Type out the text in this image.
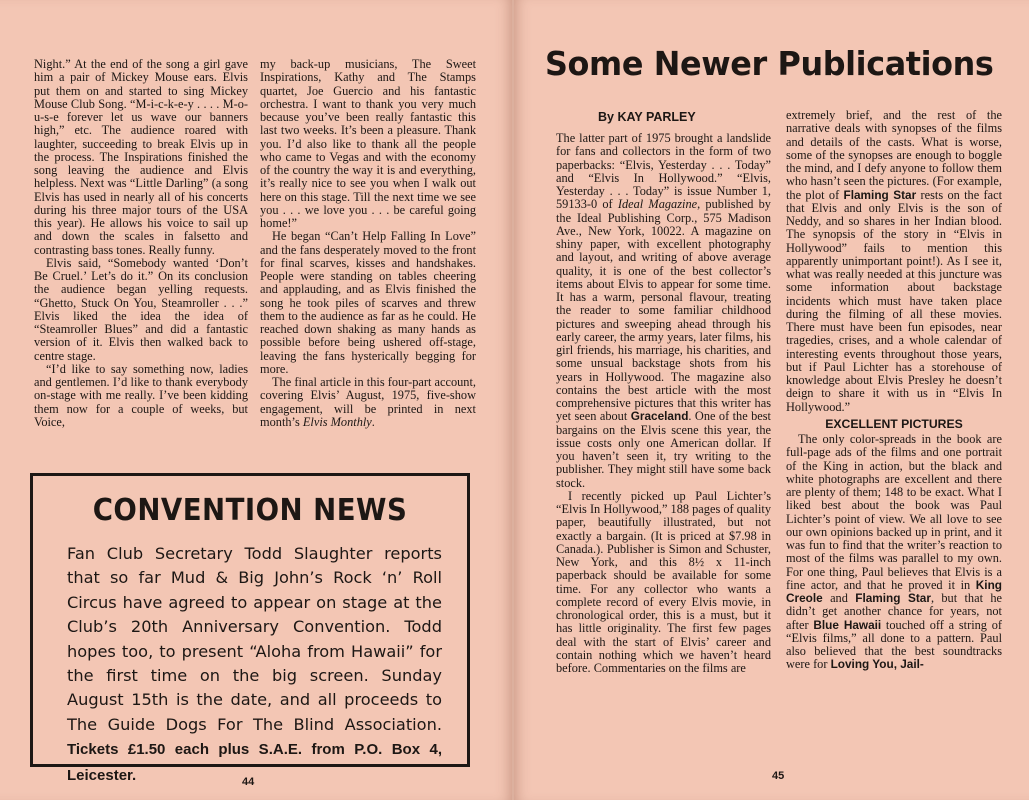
Night.” At the end of the song a girl gave him a pair of Mickey Mouse ears. Elvis put them on and started to sing Mickey Mouse Club Song. “M-i-c-k-e-y . . . . M-o-u-s-e forever let us wave our banners high,” etc. The audience roared with laughter, succeeding to break Elvis up in the process. The Inspirations finished the song leaving the audience and Elvis helpless. Next was “Little Darling” (a song Elvis has used in nearly all of his concerts during his three major tours of the USA this year). He allows his voice to sail up and down the scales in falsetto and contrasting bass tones. Really funny.

Elvis said, “Somebody wanted ‘Don’t Be Cruel.’ Let’s do it.” On its conclusion the audience began yelling requests. “Ghetto, Stuck On You, Steamroller . . .” Elvis liked the idea the idea of “Steamroller Blues” and did a fantastic version of it. Elvis then walked back to centre stage.

“I’d like to say something now, ladies and gentlemen. I’d like to thank everybody on-stage with me really. I’ve been kidding them now for a couple of weeks, but Voice,

my back-up musicians, The Sweet Inspirations, Kathy and The Stamps quartet, Joe Guercio and his fantastic orchestra. I want to thank you very much because you’ve been really fantastic this last two weeks. It’s been a pleasure. Thank you. I’d also like to thank all the people who came to Vegas and with the economy of the country the way it is and everything, it’s really nice to see you when I walk out here on this stage. Till the next time we see you . . . we love you . . . be careful going home!”

He began “Can’t Help Falling In Love” and the fans desperately moved to the front for final scarves, kisses and handshakes. People were standing on tables cheering and applauding, and as Elvis finished the song he took piles of scarves and threw them to the audience as far as he could. He reached down shaking as many hands as possible before being ushered off-stage, leaving the fans hysterically begging for more.

The final article in this four-part account, covering Elvis’ August, 1975, five-show engagement, will be printed in next month’s Elvis Monthly.

CONVENTION NEWS
Fan Club Secretary Todd Slaughter reports that so far Mud & Big John’s Rock ‘n’ Roll Circus have agreed to appear on stage at the Club’s 20th Anniversary Convention. Todd hopes too, to present “Aloha from Hawaii” for the first time on the big screen. Sunday August 15th is the date, and all proceeds to The Guide Dogs For The Blind Association. Tickets £1.50 each plus S.A.E. from P.O. Box 4, Leicester.	44
Some Newer Publications
By KAY PARLEY

The latter part of 1975 brought a landslide for fans and collectors in the form of two paperbacks: “Elvis, Yesterday . . . Today” and “Elvis In Hollywood.” “Elvis, Yesterday . . . Today” is issue Number 1, 59133-0 of Ideal Magazine, published by the Ideal Publishing Corp., 575 Madison Ave., New York, 10022. A magazine on shiny paper, with excellent photography and layout, and writing of above average quality, it is one of the best collector’s items about Elvis to appear for some time. It has a warm, personal flavour, treating the reader to some familiar childhood pictures and sweeping ahead through his early career, the army years, later films, his girl friends, his marriage, his charities, and some unsual backstage shots from his years in Hollywood. The magazine also contains the best article with the most comprehensive pictures that this writer has yet seen about Graceland. One of the best bargains on the Elvis scene this year, the issue costs only one American dollar. If you haven’t seen it, try writing to the publisher. They might still have some back stock.

I recently picked up Paul Lichter’s “Elvis In Hollywood,” 188 pages of quality paper, beautifully illustrated, but not exactly a bargain. (It is priced at $7.98 in Canada.). Publisher is Simon and Schuster, New York, and this 8½ x 11-inch paperback should be available for some time. For any collector who wants a complete record of every Elvis movie, in chronological order, this is a must, but it has little originality. The first few pages deal with the start of Elvis’ career and contain nothing which we haven’t heard before. Commentaries on the films are

extremely brief, and the rest of the narrative deals with synopses of the films and details of the casts. What is worse, some of the synopses are enough to boggle the mind, and I defy anyone to follow them who hasn’t seen the pictures. (For example, the plot of Flaming Star rests on the fact that Elvis and only Elvis is the son of Neddy, and so shares in her Indian blood. The synopsis of the story in “Elvis in Hollywood” fails to mention this apparently unimportant point!). As I see it, what was really needed at this juncture was some information about backstage incidents which must have taken place during the filming of all these movies. There must have been fun episodes, near tragedies, crises, and a whole calendar of interesting events throughout those years, but if Paul Lichter has a storehouse of knowledge about Elvis Presley he doesn’t deign to share it with us in “Elvis In Hollywood.”

EXCELLENT PICTURES

The only color-spreads in the book are full-page ads of the films and one portrait of the King in action, but the black and white photographs are excellent and there are plenty of them; 148 to be exact. What I liked best about the book was Paul Lichter’s point of view. We all love to see our own opinions backed up in print, and it was fun to find that the writer’s reaction to most of the films was parallel to my own. For one thing, Paul believes that Elvis is a fine actor, and that he proved it in King Creole and Flaming Star, but that he didn’t get another chance for years, not after Blue Hawaii touched off a string of “Elvis films,” all done to a pattern. Paul also believed that the best soundtracks were for Loving You, Jail-

45
